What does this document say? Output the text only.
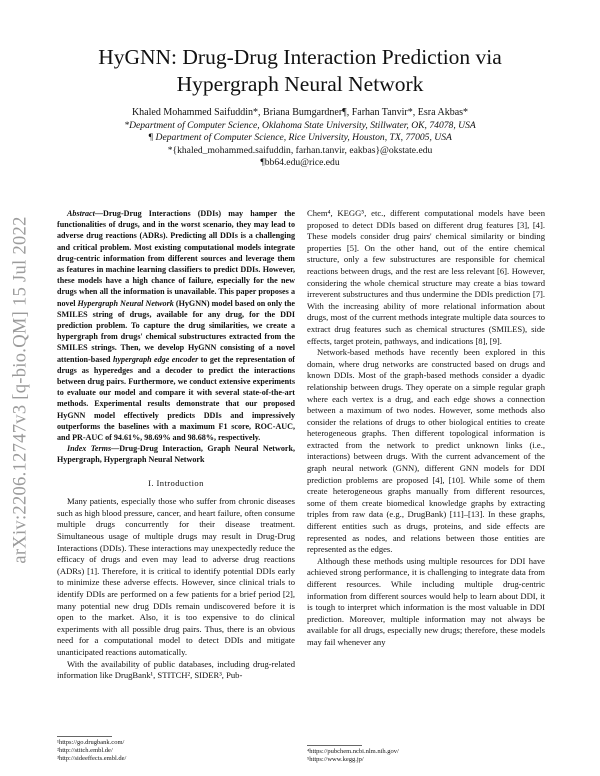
arXiv:2206.12747v3 [q-bio.QM] 15 Jul 2022
HyGNN: Drug-Drug Interaction Prediction via
Hypergraph Neural Network
Khaled Mohammed Saifuddin*, Briana Bumgardner¶, Farhan Tanvir*, Esra Akbas*
*Department of Computer Science, Oklahoma State University, Stillwater, OK, 74078, USA
¶ Department of Computer Science, Rice University, Houston, TX, 77005, USA
*{khaled_mohammed.saifuddin, farhan.tanvir, eakbas}@okstate.edu
¶bb64.edu@rice.edu

Abstract—Drug-Drug Interactions (DDIs) may hamper the functionalities of drugs, and in the worst scenario, they may lead to adverse drug reactions (ADRs). Predicting all DDIs is a challenging and critical problem. Most existing computational models integrate drug-centric information from different sources and leverage them as features in machine learning classifiers to predict DDIs. However, these models have a high chance of failure, especially for the new drugs when all the information is unavailable. This paper proposes a novel Hypergraph Neural Network (HyGNN) model based on only the SMILES string of drugs, available for any drug, for the DDI prediction problem. To capture the drug similarities, we create a hypergraph from drugs' chemical substructures extracted from the SMILES strings. Then, we develop HyGNN consisting of a novel attention-based hypergraph edge encoder to get the representation of drugs as hyperedges and a decoder to predict the interactions between drug pairs. Furthermore, we conduct extensive experiments to evaluate our model and compare it with several state-of-the-art methods. Experimental results demonstrate that our proposed HyGNN model effectively predicts DDIs and impressively outperforms the baselines with a maximum F1 score, ROC-AUC, and PR-AUC of 94.61%, 98.69% and 98.68%, respectively.

Index Terms—Drug-Drug Interaction, Graph Neural Network, Hypergraph, Hypergraph Neural Network

I. Introduction

Many patients, especially those who suffer from chronic diseases such as high blood pressure, cancer, and heart failure, often consume multiple drugs concurrently for their disease treatment. Simultaneous usage of multiple drugs may result in Drug-Drug Interactions (DDIs). These interactions may unexpectedly reduce the efficacy of drugs and even may lead to adverse drug reactions (ADRs) [1]. Therefore, it is critical to identify potential DDIs early to minimize these adverse effects. However, since clinical trials to identify DDIs are performed on a few patients for a brief period [2], many potential new drug DDIs remain undiscovered before it is open to the market. Also, it is too expensive to do clinical experiments with all possible drug pairs. Thus, there is an obvious need for a computational model to detect DDIs and mitigate unanticipated reactions automatically.

With the availability of public databases, including drug-related information like DrugBank¹, STITCH², SIDER³, Pub-

¹https://go.drugbank.com/
²http://stitch.embl.de/
³http://sideeffects.embl.de/

Chem⁴, KEGG⁵, etc., different computational models have been proposed to detect DDIs based on different drug features [3], [4]. These models consider drug pairs' chemical similarity or binding properties [5]. On the other hand, out of the entire chemical structure, only a few substructures are responsible for chemical reactions between drugs, and the rest are less relevant [6]. However, considering the whole chemical structure may create a bias toward irreverent substructures and thus undermine the DDIs prediction [7]. With the increasing ability of more relational information about drugs, most of the current methods integrate multiple data sources to extract drug features such as chemical structures (SMILES), side effects, target protein, pathways, and indications [8], [9].

Network-based methods have recently been explored in this domain, where drug networks are constructed based on drugs and known DDIs. Most of the graph-based methods consider a dyadic relationship between drugs. They operate on a simple regular graph where each vertex is a drug, and each edge shows a connection between a maximum of two nodes. However, some methods also consider the relations of drugs to other biological entities to create heterogeneous graphs. Then different topological information is extracted from the network to predict unknown links (i.e., interactions) between drugs. With the current advancement of the graph neural network (GNN), different GNN models for DDI prediction problems are proposed [4], [10]. While some of them create heterogeneous graphs manually from different resources, some of them create biomedical knowledge graphs by extracting triples from raw data (e.g., DrugBank) [11]–[13]. In these graphs, different entities such as drugs, proteins, and side effects are represented as nodes, and relations between those entities are represented as the edges.

Although these methods using multiple resources for DDI have achieved strong performance, it is challenging to integrate data from different resources. While including multiple drug-centric information from different sources would help to learn about DDI, it is tough to interpret which information is the most valuable in DDI prediction. Moreover, multiple information may not always be available for all drugs, especially new drugs; therefore, these models may fail whenever any

⁴https://pubchem.ncbi.nlm.nih.gov/
⁵https://www.kegg.jp/
